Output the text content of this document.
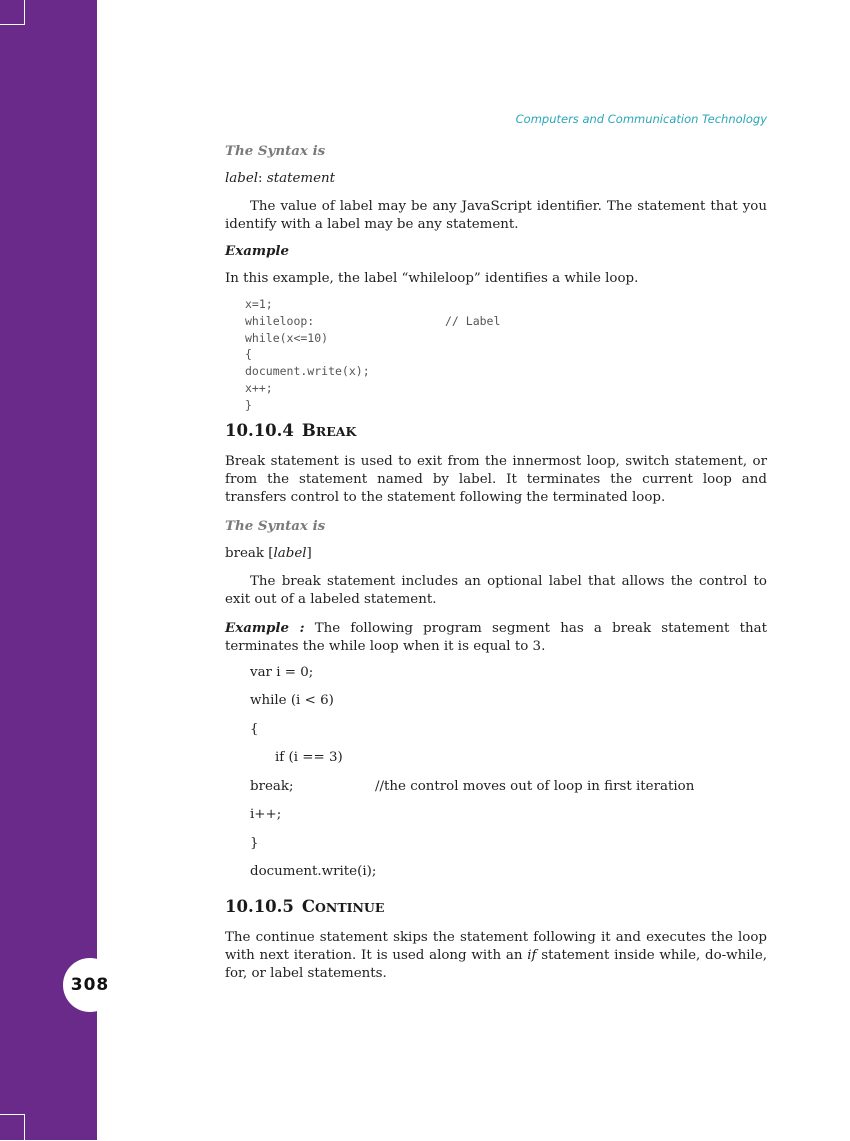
308
Computers and Communication Technology

The Syntax is

label: statement

The value of label may be any JavaScript identifier. The statement that you identify with a label may be any statement.

Example

In this example, the label “whileloop” identifies a while loop.

x=1;
whileloop:	// Label
while(x<=10)
{
document.write(x);
x++;
}

10.10.4 BREAK

Break statement is used to exit from the innermost loop, switch statement, or from the statement named by label. It terminates the current loop and transfers control to the statement following the terminated loop.

The Syntax is

break [label]

The break statement includes an optional label that allows the control to exit out of a labeled statement.

Example : The following program segment has a break statement that terminates the while loop when it is equal to 3.

var i = 0;
while (i < 6)
{
if (i == 3)
break;	//the control moves out of loop in first iteration
i++;
}
document.write(i);

10.10.5 CONTINUE

The continue statement skips the statement following it and executes the loop with next iteration. It is used along with an if statement inside while, do-while, for, or label statements.
